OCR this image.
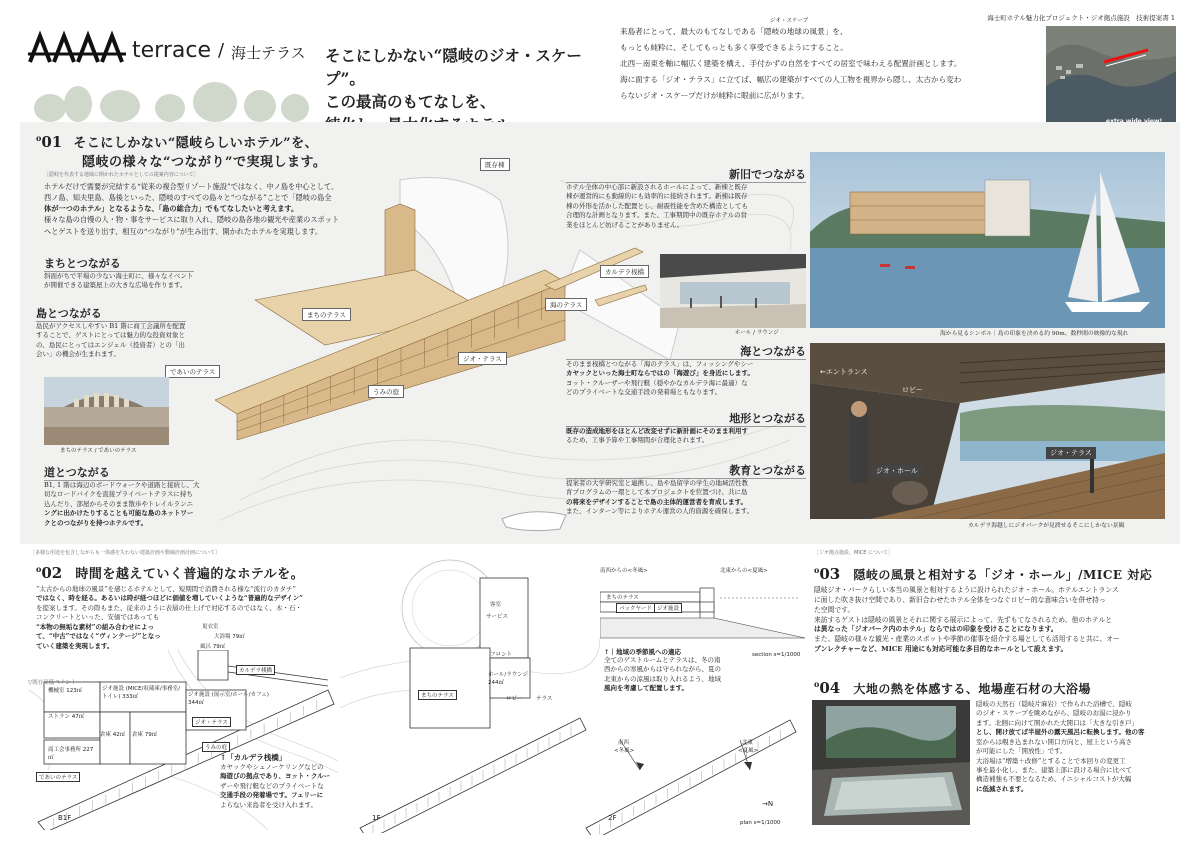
terrace / 海士テラス そこにしかない“隠岐のジオ・スケープ”。
この最高のもてなしを、
ジオ・スケープ
来島者にとって、最大のもてなしである「隠岐の地球の風景」を、
もっとも純粋に、そしてもっとも多く享受できるようにすること。
北西－南東を軸に幅広く建築を構え、手付かずの自然をすべての居室で味わえる配置計画とします。
海に面する「ジオ・テラス」に立てば、幅広の建築がすべての人工物を視界から隠し、太古から変わ
らないジオ・スケープだけが純粋に眼前に広がります。
海士町ホテル魅力化プロジェクト・ジオ拠点施設　技術提案書 1
既存棟
まちのテラス
海のテラス
ジオ・テラス
うみの庭
であいのテラス
$^o$01 そこにしかない“隠岐らしいホテル”を、
隠岐の様々な“つながり”で実現します。
［隠岐を代表する地域に開かれたホテルとしての提案内容について］
ホテルだけで需要が完結する“従来の複合型リゾート施設”ではなく、中ノ島を中心として、
西ノ島、知夫里島、島後といった、隠岐のすべての島々と“つながる”ことで「隠岐の島全
体が一つのホテル」となるような、「島の総合力」でもてなしたいと考えます。
様々な島の自慢の人・物・事をサービスに取り入れ、隠岐の島各地の観光や産業のスポット
へとゲストを送り出す、相互の“つながり”が生み出す、開かれたホテルを実現します。
まちとつながる
斜面がちで平場の少ない海士町に、様々なイベント
が開催できる建築屋上の大きな広場を作ります。
島とつながる
島民がアクセスしやすい B1 階に商工会議所を配置
することで、ゲストにとっては魅力的な投資対象と
の、島民にとってはエンジェル（投資者）との「出
会い」の機会が生まれます。
まちのテラス / であいのテラス
道とつながる
B1, 1 階は海辺のボードウォークや道路と接続し、大
切なロードバイクを直接プライベートテラスに持ち
込んだり、部屋からそのまま散歩やトレイルランニ
ングに出かけたりすることも可能な島のネットワー
クとのつながりを持つホテルです。
新旧でつながる
ホテル全体の中心部に新設されるホールによって、新棟と既存
棟が運営的にも動線的にも効率的に接続されます。新棟は既存
棟の外形を活かした配置とし、耐震性能を含めた構造としても
合理的な計画となります。また、工事期間中の既存ホテルの営
業をほとんど妨げることがありません。
ホール / ラウンジ
カルデラ桟橋
海とつながる
そのまま桟橋とつながる「海のテラス」は、フィッシングやシー
カヤックといった海士町ならではの「海遊び」を身近にします。
ヨット・クルーザーや飛行艇（穏やかなカルデラ海に最適）な
どのプライベートな交通手段の発着場ともなります。
地形とつながる
既存の造成地形をほとんど改変せずに新計画にそのまま利用す
るため、工事予算や工事期間が合理化されます。
教育とつながる
提案者の大学研究室と連携し、島や島留学の学生の地域活性教
育プログラムの一環として本プロジェクトを位置づけ、共に島
の将来をデザインすることで島の主体的運営者を育成します。
また、インターン等によりホテル運営の人的資源を確保します。
海から見るシンボル｜島の印象を決める約 90m、数秒間の映像的な現れ
←エントランス
ロビー
ジオ・ホール
ジオ・テラス
カルデラ海越しにジオパークが見渡せるそこにしかない景観
［多様な用途を包含しながらも一体感を失わない建築計画や動線計画計画について］
$^o$02 時間を越えていく普遍的なホテルを。
“太古からの地球の風景”を感じるホテルとして、短期間で消費される様な“流行のカタチ”
ではなく、時を経る。あるいは時が経つほどに価値を増していくような“普遍的なデザイン”
を提案します。その際もまた、従来のように表層の仕上げで対応するのではなく、木・石・
コンクリートといった、安価ではあっても
“本物の無垢な素材”の組み合わせによっ
て、“中古”ではなく“ヴィンテージ”となっ
ていく建築を実現します。
機械室 123㎡	ジオ施設 (MICE/収蔵庫/事務室/トイレ) 333㎡	ジオ施設 (展示室/ホール/カフェ) 344㎡
ストラン 47㎡
倉庫 42㎡
商工会事務所 227㎡
倉庫 79㎡
大浴場 79㎡
更衣室
風呂 79㎡
であいのテラス
ジオ・テラス
うみの庭
カルデラ桟橋
▽既存高低ペイント
B1F
↑「カルデラ桟橋」
カヤックやシュノーケリングなどの
海遊びの拠点であり、ヨット・クルー
ザーや飛行艇などのプライベートな
交通手段の発着場です。フェリーに
よらない来島者を受け入れます。
まちのテラス
ホール/ラウンジ 244㎡
ロビー テラス
サービス
客室
フロント
1F
南西からの<冬風>	北東からの<夏風>
まちのテラス
バックヤード ジオ施設
section s=1/1000
↑｜地域の季節風への適応
全てのゲストルームとテラスは、冬の南
西からの寒風からは守られながら、夏の
北東からの涼風は取り入れるよう、地域
風向を考慮して配置します。
南西
<冬風>
北東
<夏風>
2F
plan s=1/1000
→N
［ジオ拠点施設、MICE について］
$^o$03 隠岐の風景と相対する「ジオ・ホール」/MICE 対応
隠岐ジオ・パークらしい本当の風景と相対するように設けられたジオ・ホール。ホテルエントランス
に面した吹き抜け空間であり、新旧合わせたホテル全体をつなぐロビー的な意味合いを併せ持っ
た空間です。
来訪するゲストは隠岐の風景とそれに関する展示によって、先ずもてなされるため、他のホテルと
は異なった「ジオパーク内のホテル」ならではの印象を受けることになります。
また、隠岐の様々な観光・産業のスポットや季節の催事を紹介する場としても活用すると共に、オー
プンレクチャーなど、MICE 用途にも対応可能な多目的なホールとして設えます。
$^o$04 大地の熱を体感する、地場産石材の大浴場
隠岐の天然石（隠岐片麻岩）で作られた浴槽で、隠岐
のジオ・スケープを眺めながら、隠岐のお湯に浸かり
ます。北側に向けて開かれた大開口は「大きな引き戸」
とし、開け放てば半屋外の露天風呂に転換します。他の客
室からは覗き込まれない開口方向と、屋上という高さ
が可能にした「開放性」です。
大浴場は“増築＋改修”とすることで本回りの変更工
事を最小化し、また、建築上部に設ける場合に比べて
構造補強も不要となるため、イニシャルコストが大幅
に低減されます。
